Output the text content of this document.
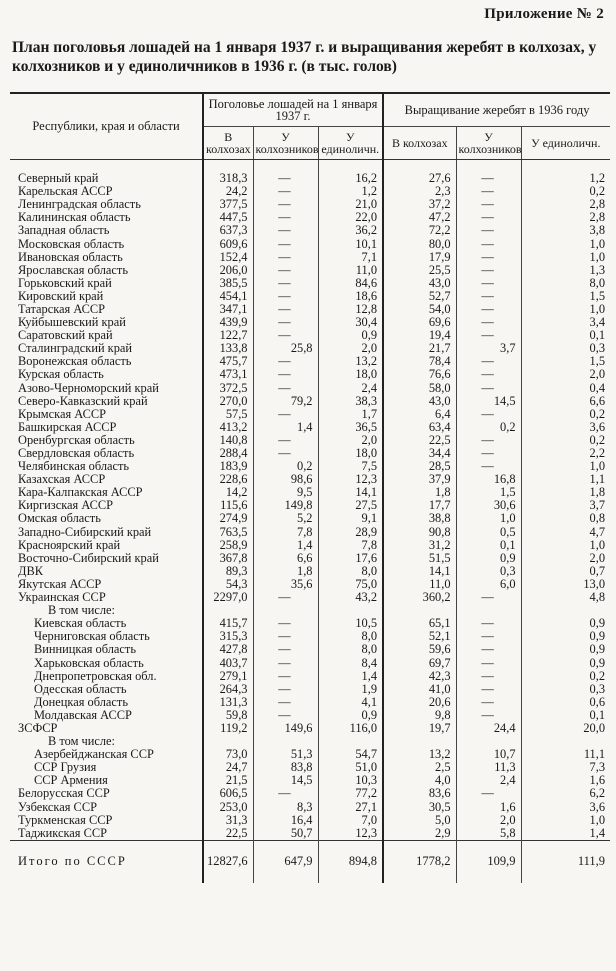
Приложение № 2
План поголовья лошадей на 1 января 1937 г. и выращивания жеребят в колхозах, у колхозников и у единоличников в 1936 г. (в тыс. голов)
Республики, края и области	Поголовье лошадей на 1 января 1937 г.			Выращивание жеребят в 1936 году		
	В колхозах	У колхозников	У единоличн.	В колхозах	У колхозников	У единоличн.

Северный край	318,3	—	16,2	27,6	—	1,2
Карельская АССР	24,2	—	1,2	2,3	—	0,2
Ленинградская область	377,5	—	21,0	37,2	—	2,8
Калининская область	447,5	—	22,0	47,2	—	2,8
Западная область	637,3	—	36,2	72,2	—	3,8
Московская область	609,6	—	10,1	80,0	—	1,0
Ивановская область	152,4	—	7,1	17,9	—	1,0
Ярославская область	206,0	—	11,0	25,5	—	1,3
Горьковский край	385,5	—	84,6	43,0	—	8,0
Кировский край	454,1	—	18,6	52,7	—	1,5
Татарская АССР	347,1	—	12,8	54,0	—	1,0
Куйбышевский край	439,9	—	30,4	69,6	—	3,4
Саратовский край	122,7	—	0,9	19,4	—	0,1
Сталинградский край	133,8	25,8	2,0	21,7	3,7	0,3
Воронежская область	475,7	—	13,2	78,4	—	1,5
Курская область	473,1	—	18,0	76,6	—	2,0
Азово-Черноморский край	372,5	—	2,4	58,0	—	0,4
Северо-Кавказский край	270,0	79,2	38,3	43,0	14,5	6,6
Крымская АССР	57,5	—	1,7	6,4	—	0,2
Башкирская АССР	413,2	1,4	36,5	63,4	0,2	3,6
Оренбургская область	140,8	—	2,0	22,5	—	0,2
Свердловская область	288,4	—	18,0	34,4	—	2,2
Челябинская область	183,9	0,2	7,5	28,5	—	1,0
Казахская АССР	228,6	98,6	12,3	37,9	16,8	1,1
Кара-Калпакская АССР	14,2	9,5	14,1	1,8	1,5	1,8
Киргизская АССР	115,6	149,8	27,5	17,7	30,6	3,7
Омская область	274,9	5,2	9,1	38,8	1,0	0,8
Западно-Сибирский край	763,5	7,8	28,9	90,8	0,5	4,7
Красноярский край	258,9	1,4	7,8	31,2	0,1	1,0
Восточно-Сибирский край	367,8	6,6	17,6	51,5	0,9	2,0
ДВК	89,3	1,8	8,0	14,1	0,3	0,7
Якутская АССР	54,3	35,6	75,0	11,0	6,0	13,0
Украинская ССР	2297,0	—	43,2	360,2	—	4,8
В том числе:						
Киевская область	415,7	—	10,5	65,1	—	0,9
Черниговская область	315,3	—	8,0	52,1	—	0,9
Винницкая область	427,8	—	8,0	59,6	—	0,9
Харьковская область	403,7	—	8,4	69,7	—	0,9
Днепропетровская обл.	279,1	—	1,4	42,3	—	0,2
Одесская область	264,3	—	1,9	41,0	—	0,3
Донецкая область	131,3	—	4,1	20,6	—	0,6
Молдавская АССР	59,8	—	0,9	9,8	—	0,1
ЗСФСР	119,2	149,6	116,0	19,7	24,4	20,0
В том числе:						
Азербейджанская ССР	73,0	51,3	54,7	13,2	10,7	11,1
ССР Грузия	24,7	83,8	51,0	2,5	11,3	7,3
ССР Армения	21,5	14,5	10,3	4,0	2,4	1,6
Белорусская ССР	606,5	—	77,2	83,6	—	6,2
Узбекская ССР	253,0	8,3	27,1	30,5	1,6	3,6
Туркменская ССР	31,3	16,4	7,0	5,0	2,0	1,0
Таджикская ССР	22,5	50,7	12,3	2,9	5,8	1,4
Итого по СССР	12827,6	647,9	894,8	1778,2	109,9	111,9
